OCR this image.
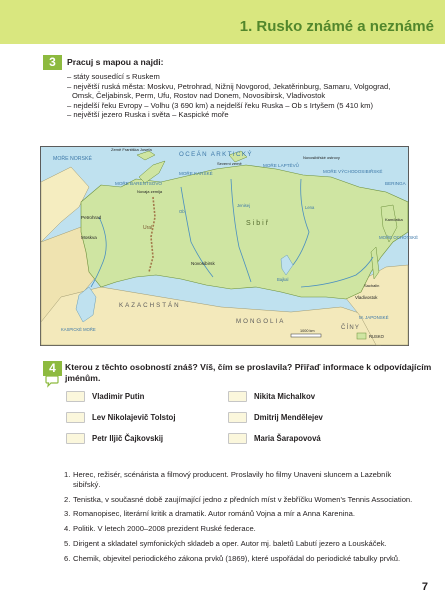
1. Rusko známé a neznámé
3	Pracuj s mapou a najdi:
– státy sousedící s Ruskem
– největší ruská města: Moskvu, Petrohrad, Nižnij Novgorod, Jekatěrinburg, Samaru, Volgograd,
Omsk, Čeljabinsk, Perm, Ufu, Rostov nad Donem, Novosibirsk, Vladivostok
– nejdelší řeku Evropy – Volhu (3 690 km) a nejdelší řeku Ruska – Ob s Irtyšem (5 410 km)
– největší jezero Ruska i světa – Kaspické moře
MOŘE NORSKÉ
OCEÁN ARKTICKÝ
MOŘE BARENTSOVO
MOŘE KARSKÉ
MOŘE LAPTĚVŮ
MOŘE VÝCHODOSIBIŘSKÉ
BERINGA
MOŘE OCHOTSKÉ
M. JAPONSKÉ
KAZACHSTÁN
MONGOLIA
ČÍNY
KASPICKÉ MOŘE
Moskva
Petrohrad
Novosibirsk
Vladivostok
Země Františka Josefa
Novaja zemlja
Severní země
Novosibiřské ostrovy
Sachalin
Kamčatka
Ural
Sibiř
Bajkal
Ob
Jenisej	Lena
1000 km
RUSKO
4	Kterou z těchto osobností znáš? Víš, čím se proslavila? Přiřaď informace k odpovídajícím
jménům.
Vladimir Putin	Nikita Michalkov
Lev Nikolajevič Tolstoj	Dmitrij Mendělejev
Petr Iljič Čajkovskij	Maria Šarapovová
1. Herec, režisér, scénárista a filmový producent. Proslavily ho filmy Unaveni sluncem a Lazebník sibiřský.
2. Tenistka, v současné době zaujímající jedno z předních míst v žebříčku Women's Tennis Association.
3. Romanopisec, literární kritik a dramatik. Autor románů Vojna a mír a Anna Karenina.
4. Politik. V letech 2000–2008 prezident Ruské federace.
5. Dirigent a skladatel symfonických skladeb a oper. Autor mj. baletů Labutí jezero a Louskáček.
6. Chemik, objevitel periodického zákona prvků (1869), které uspořádal do periodické tabulky prvků.
7
